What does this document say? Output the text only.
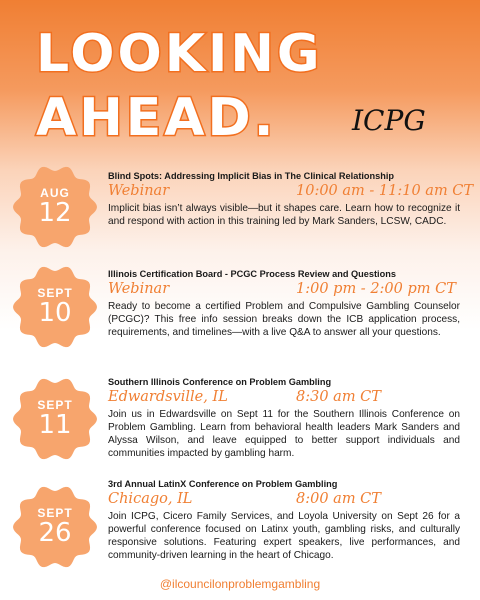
LOOKING
AHEAD.	ICPG
AUG
12
Blind Spots: Addressing Implicit Bias in The Clinical Relationship
Webinar	10:00 am - 11:10 am CT
Implicit bias isn’t always visible—but it shapes care. Learn how to recognize it and respond with action in this training led by Mark Sanders, LCSW, CADC.
SEPT
10
Illinois Certification Board - PCGC Process Review and Questions
Webinar	1:00 pm - 2:00 pm CT
Ready to become a certified Problem and Compulsive Gambling Counselor (PCGC)? This free info session breaks down the ICB application process, requirements, and timelines—with a live Q&A to answer all your questions.
SEPT
11
Southern Illinois Conference on Problem Gambling
Edwardsville, IL	8:30 am CT
Join us in Edwardsville on Sept 11 for the Southern Illinois Conference on Problem Gambling. Learn from behavioral health leaders Mark Sanders and Alyssa Wilson, and leave equipped to better support individuals and communities impacted by gambling harm.
SEPT
26
3rd Annual LatinX Conference on Problem Gambling
Chicago, IL	8:00 am CT
Join ICPG, Cicero Family Services, and Loyola University on Sept 26 for a powerful conference focused on Latinx youth, gambling risks, and culturally responsive solutions. Featuring expert speakers, live performances, and community-driven learning in the heart of Chicago.
@ilcouncilonproblemgambling
